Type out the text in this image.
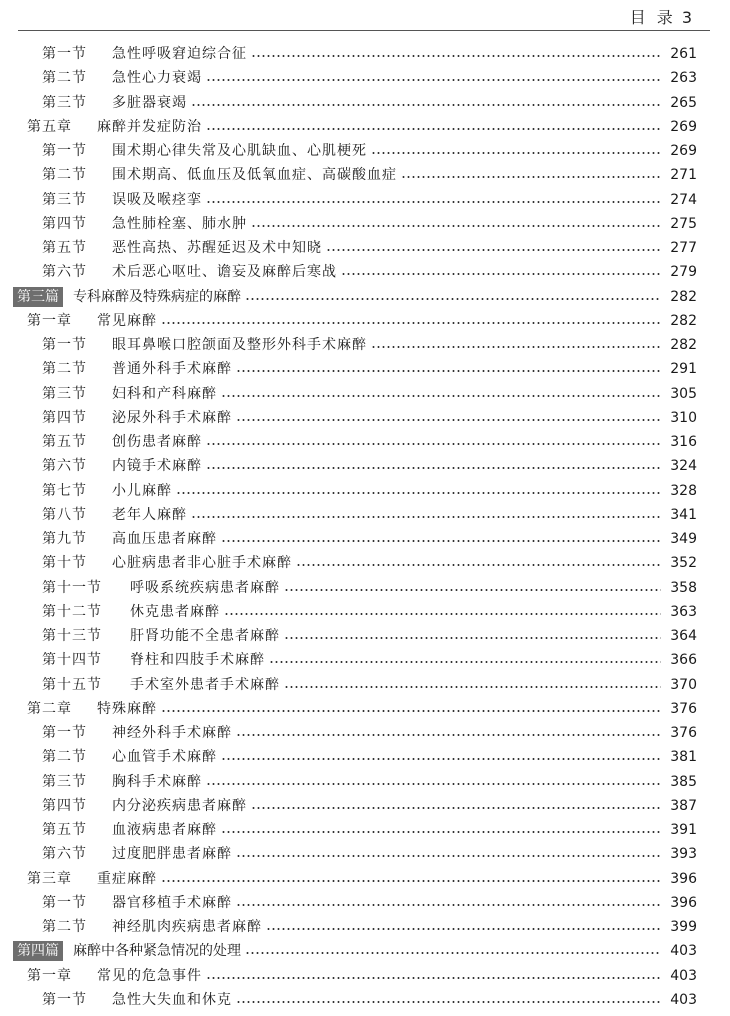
目 录 3
第一节	急性呼吸窘迫综合征	261
第二节	急性心力衰竭	263
第三节	多脏器衰竭	265
第五章	麻醉并发症防治	269
第一节	围术期心律失常及心肌缺血、心肌梗死	269
第二节	围术期高、低血压及低氧血症、高碳酸血症	271
第三节	误吸及喉痉挛	274
第四节	急性肺栓塞、肺水肿	275
第五节	恶性高热、苏醒延迟及术中知晓	277
第六节	术后恶心呕吐、谵妄及麻醉后寒战	279
第三篇 专科麻醉及特殊病症的麻醉	282
第一章	常见麻醉	282
第一节	眼耳鼻喉口腔颌面及整形外科手术麻醉	282
第二节	普通外科手术麻醉	291
第三节	妇科和产科麻醉	305
第四节	泌尿外科手术麻醉	310
第五节	创伤患者麻醉	316
第六节	内镜手术麻醉	324
第七节	小儿麻醉	328
第八节	老年人麻醉	341
第九节	高血压患者麻醉	349
第十节	心脏病患者非心脏手术麻醉	352
第十一节	呼吸系统疾病患者麻醉	358
第十二节	休克患者麻醉	363
第十三节	肝肾功能不全患者麻醉	364
第十四节	脊柱和四肢手术麻醉	366
第十五节	手术室外患者手术麻醉	370
第二章	特殊麻醉	376
第一节	神经外科手术麻醉	376
第二节	心血管手术麻醉	381
第三节	胸科手术麻醉	385
第四节	内分泌疾病患者麻醉	387
第五节	血液病患者麻醉	391
第六节	过度肥胖患者麻醉	393
第三章	重症麻醉	396
第一节	器官移植手术麻醉	396
第二节	神经肌肉疾病患者麻醉	399
第四篇 麻醉中各种紧急情况的处理	403
第一章	常见的危急事件	403
第一节	急性大失血和休克	403
